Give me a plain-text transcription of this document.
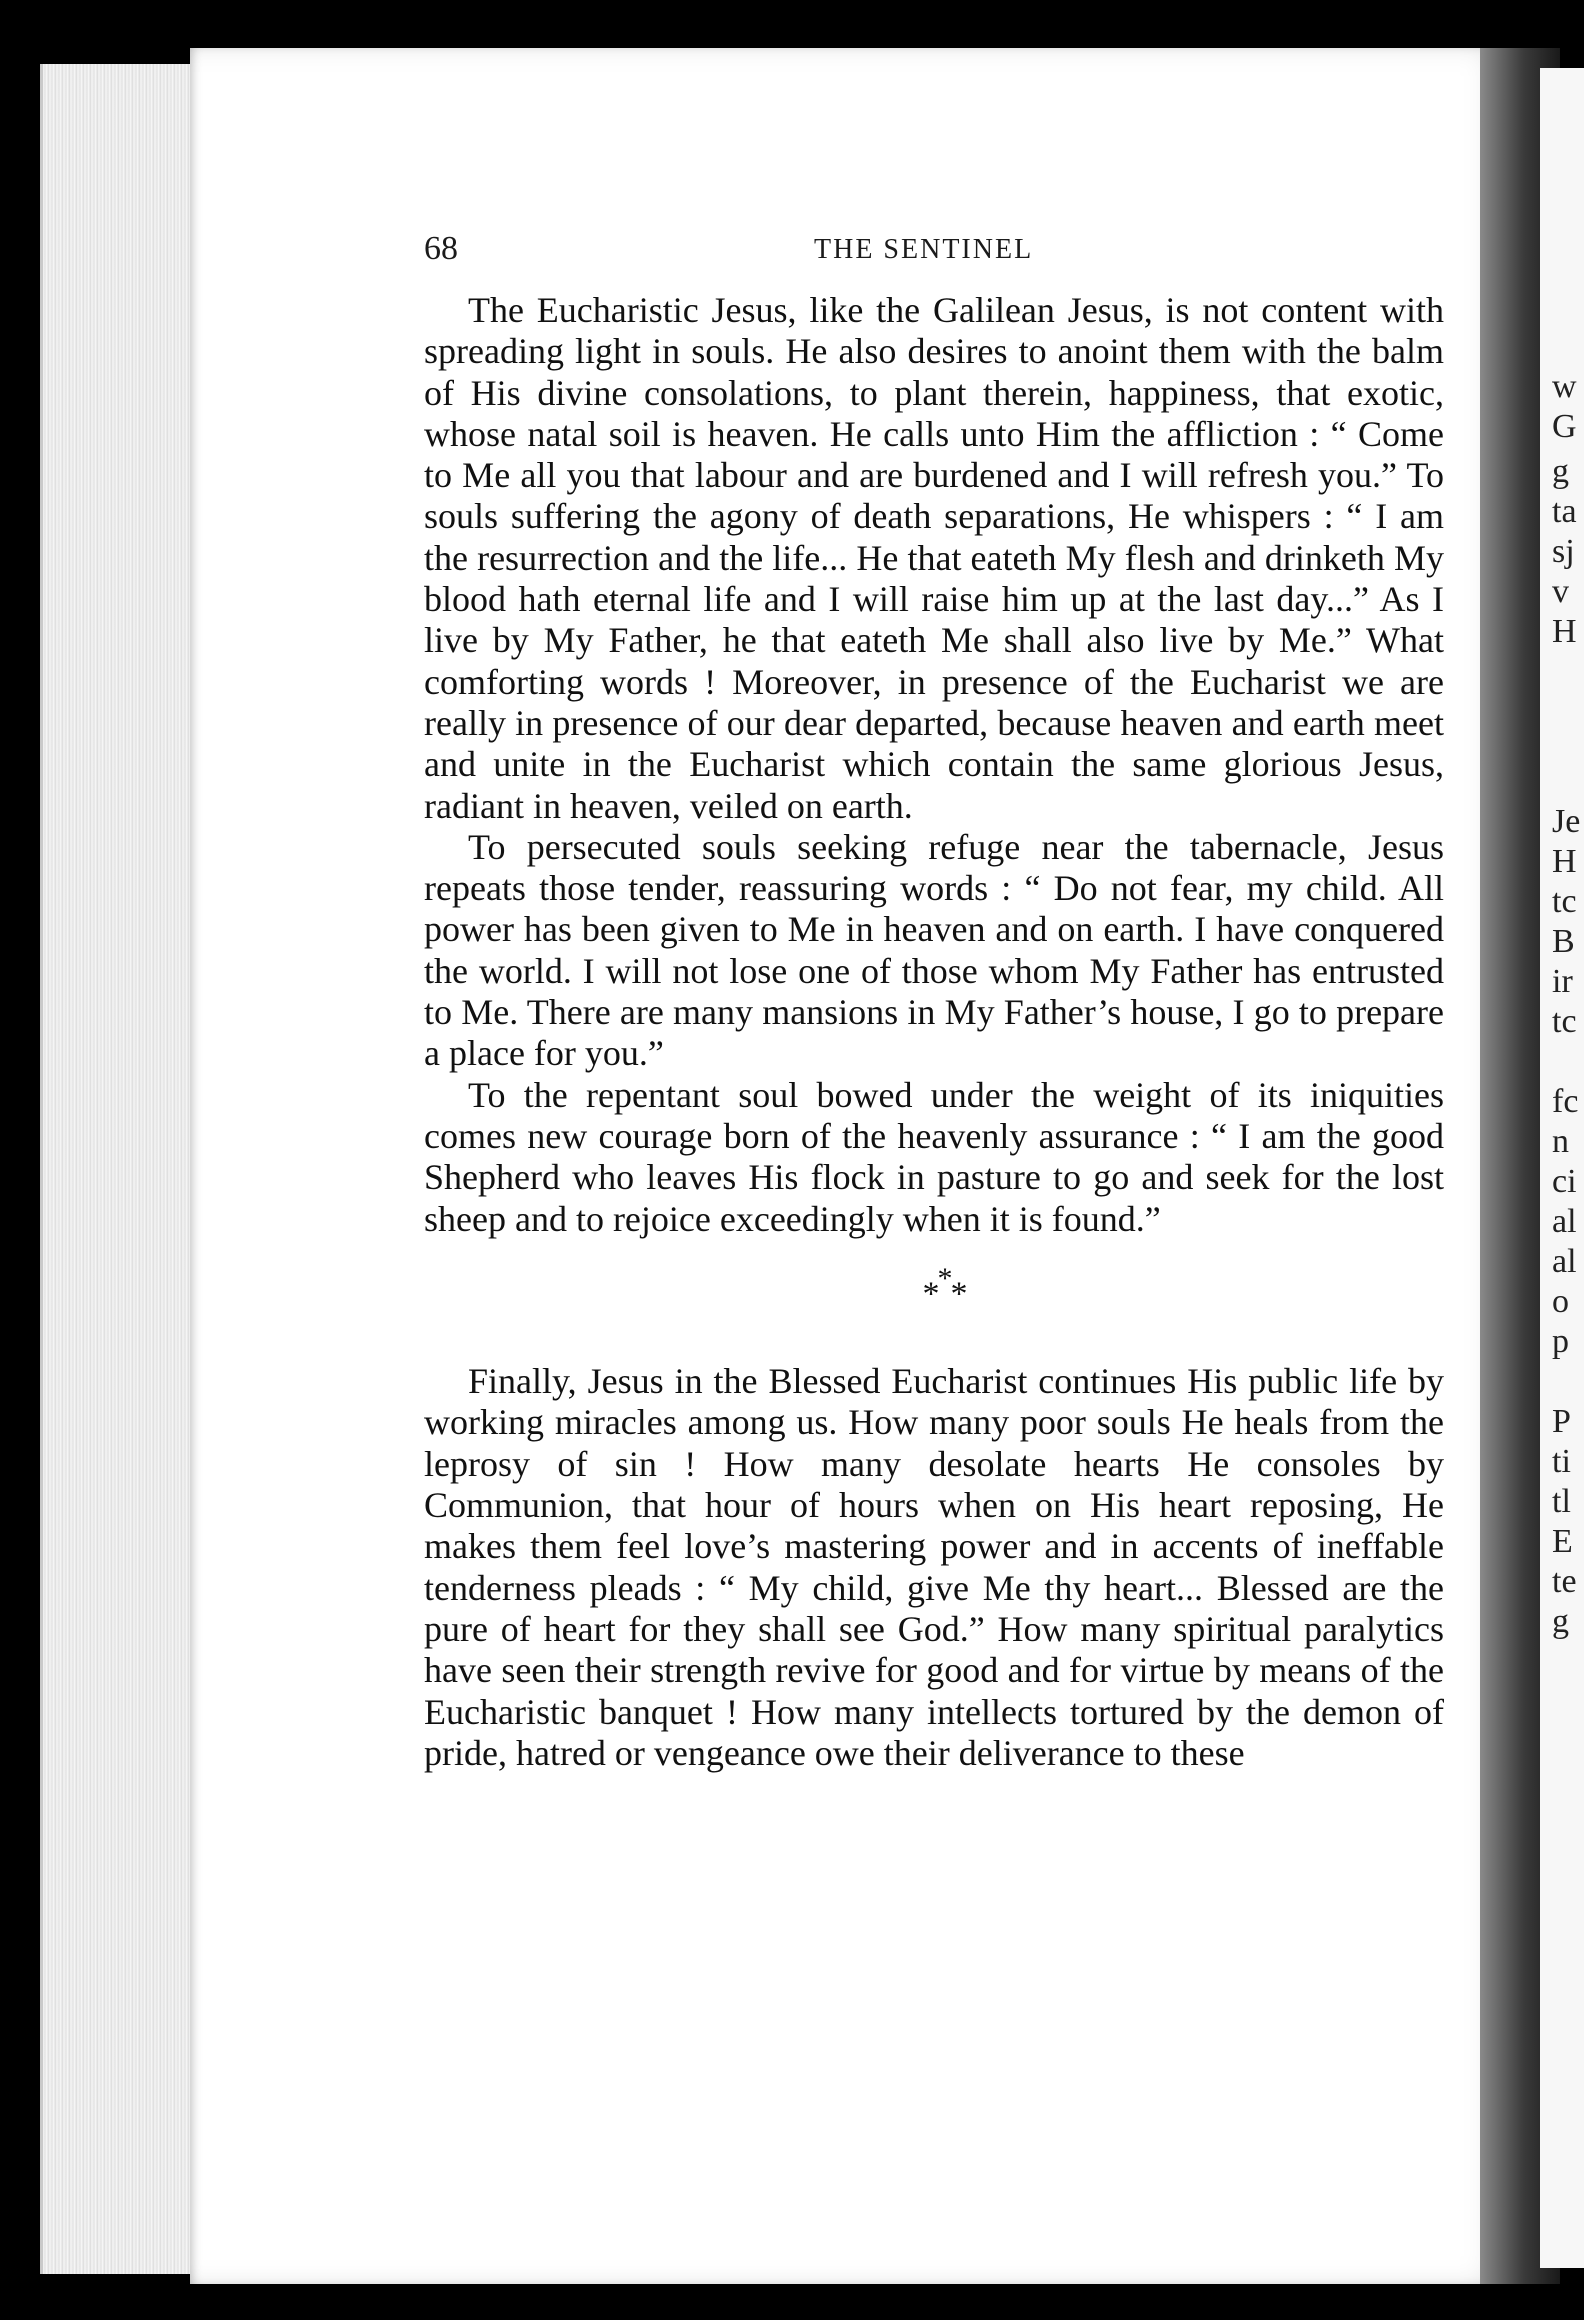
w
G
g
ta
sj
v
H
Je
H
tc
B
ir
tc
fc
n
ci
al
al
o
p
P
ti
tl
E
te
g
68	THE SENTINEL

The Eucharistic Jesus, like the Galilean Jesus, is not content with spreading light in souls. He also desires to anoint them with the balm of His divine consolations, to plant therein, happiness, that exotic, whose natal soil is heaven. He calls unto Him the affliction : “ Come to Me all you that labour and are burdened and I will refresh you.” To souls suffering the agony of death separations, He whispers : “ I am the resurrection and the life... He that eateth My flesh and drinketh My blood hath eternal life and I will raise him up at the last day...” As I live by My Father, he that eateth Me shall also live by Me.” What comforting words ! Moreover, in presence of the Eucharist we are really in presence of our dear departed, because heaven and earth meet and unite in the Eucharist which contain the same glorious Jesus, radiant in heaven, veiled on earth.

To persecuted souls seeking refuge near the tabernacle, Jesus repeats those tender, reassuring words : “ Do not fear, my child. All power has been given to Me in heaven and on earth. I have conquered the world. I will not lose one of those whom My Father has entrusted to Me. There are many mansions in My Father’s house, I go to prepare a place for you.”

To the repentant soul bowed under the weight of its iniquities comes new courage born of the heavenly assurance : “ I am the good Shepherd who leaves His flock in pasture to go and seek for the lost sheep and to rejoice exceedingly when it is found.”

***

Finally, Jesus in the Blessed Eucharist continues His public life by working miracles among us. How many poor souls He heals from the leprosy of sin ! How many desolate hearts He consoles by Communion, that hour of hours when on His heart reposing, He makes them feel love’s mastering power and in accents of ineffable tenderness pleads : “ My child, give Me thy heart... Blessed are the pure of heart for they shall see God.” How many spiritual paralytics have seen their strength revive for good and for virtue by means of the Eucharistic banquet ! How many intellects tortured by the demon of pride, hatred or vengeance owe their deliverance to these
